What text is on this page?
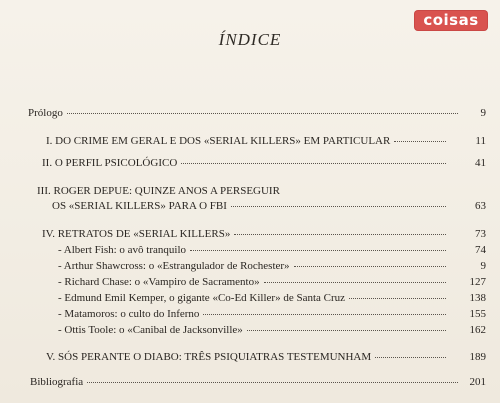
coisas
ÍNDICE
Prólogo	9
I. DO CRIME EM GERAL E DOS «SERIAL KILLERS» EM PARTICULAR	11
II. O PERFIL PSICOLÓGICO	41
III. ROGER DEPUE: QUINZE ANOS A PERSEGUIR
OS «SERIAL KILLERS» PARA O FBI	63
IV. RETRATOS DE «SERIAL KILLERS»	73
- Albert Fish: o avô tranquilo	74
- Arthur Shawcross: o «Estrangulador de Rochester»	9
- Richard Chase: o «Vampiro de Sacramento»	127
- Edmund Emil Kemper, o gigante «Co-Ed Killer» de Santa Cruz	138
- Matamoros: o culto do Inferno	155
- Ottis Toole: o «Canibal de Jacksonville»	162
V. SÓS PERANTE O DIABO: TRÊS PSIQUIATRAS TESTEMUNHAM	189
Bibliografia	201
